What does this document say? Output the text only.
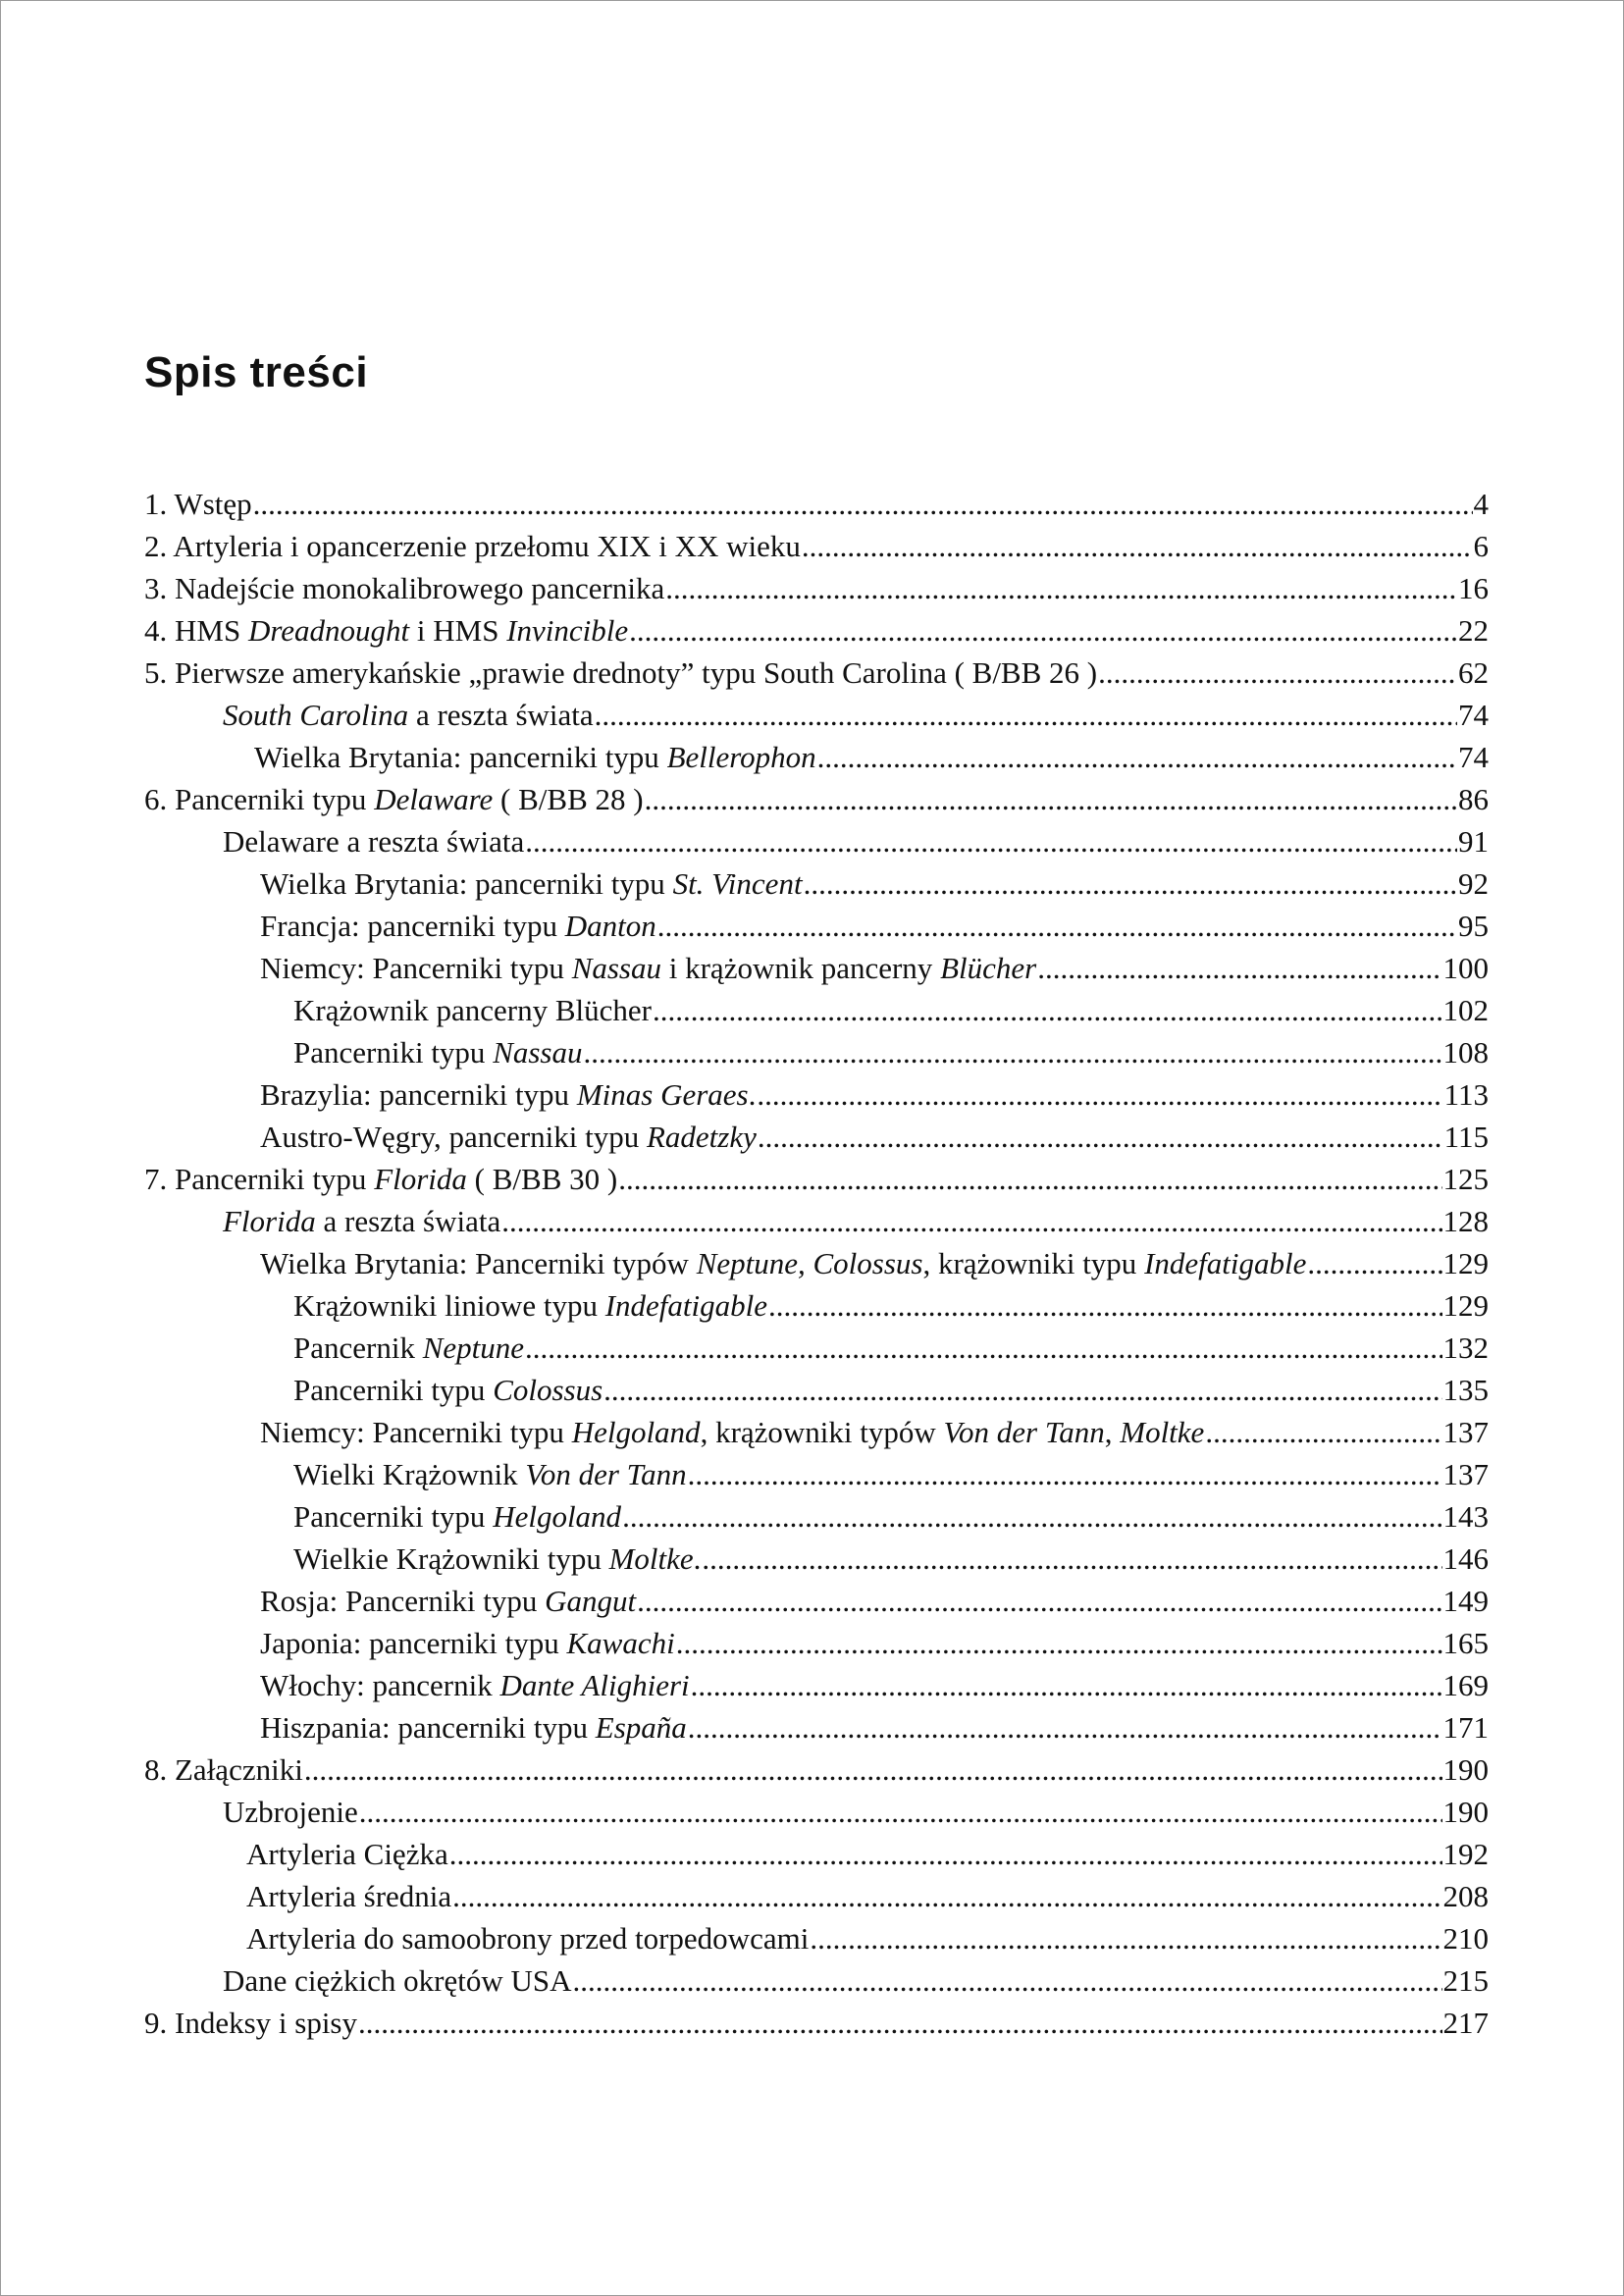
Spis treści
1. Wstęp .....	4
2. Artyleria i opancerzenie przełomu XIX i XX wieku .....	6
3. Nadejście monokalibrowego pancernika .....	16
4. HMS Dreadnought i HMS Invincible .....	22
5. Pierwsze amerykańskie „prawie drednoty” typu South Carolina ( B/BB 26 ) .....	62
South Carolina a reszta świata .....	74
Wielka Brytania: pancerniki typu Bellerophon .....	74
6. Pancerniki typu Delaware ( B/BB 28 ) .....	86
Delaware a reszta świata .....	91
Wielka Brytania: pancerniki typu St. Vincent .....	92
Francja: pancerniki typu Danton .....	95
Niemcy: Pancerniki typu Nassau i krążownik pancerny Blücher .....	100
Krążownik pancerny Blücher .....	102
Pancerniki typu Nassau .....	108
Brazylia: pancerniki typu Minas Geraes. .....	113
Austro-Węgry, pancerniki typu Radetzky .....	115
7. Pancerniki typu Florida ( B/BB 30 ) .....	125
Florida a reszta świata .....	128
Wielka Brytania: Pancerniki typów Neptune, Colossus, krążowniki typu Indefatigable .....	129
Krążowniki liniowe typu Indefatigable .....	129
Pancernik Neptune .....	132
Pancerniki typu Colossus .....	135
Niemcy: Pancerniki typu Helgoland, krążowniki typów Von der Tann, Moltke .....	137
Wielki Krążownik Von der Tann .....	137
Pancerniki typu Helgoland .....	143
Wielkie Krążowniki typu Moltke. .....	146
Rosja: Pancerniki typu Gangut .....	149
Japonia: pancerniki typu Kawachi .....	165
Włochy: pancernik Dante Alighieri .....	169
Hiszpania: pancerniki typu España .....	171
8. Załączniki .....	190
Uzbrojenie .....	190
Artyleria Ciężka .....	192
Artyleria średnia .....	208
Artyleria do samoobrony przed torpedowcami .....	210
Dane ciężkich okrętów USA .....	215
9. Indeksy i spisy .....	217
